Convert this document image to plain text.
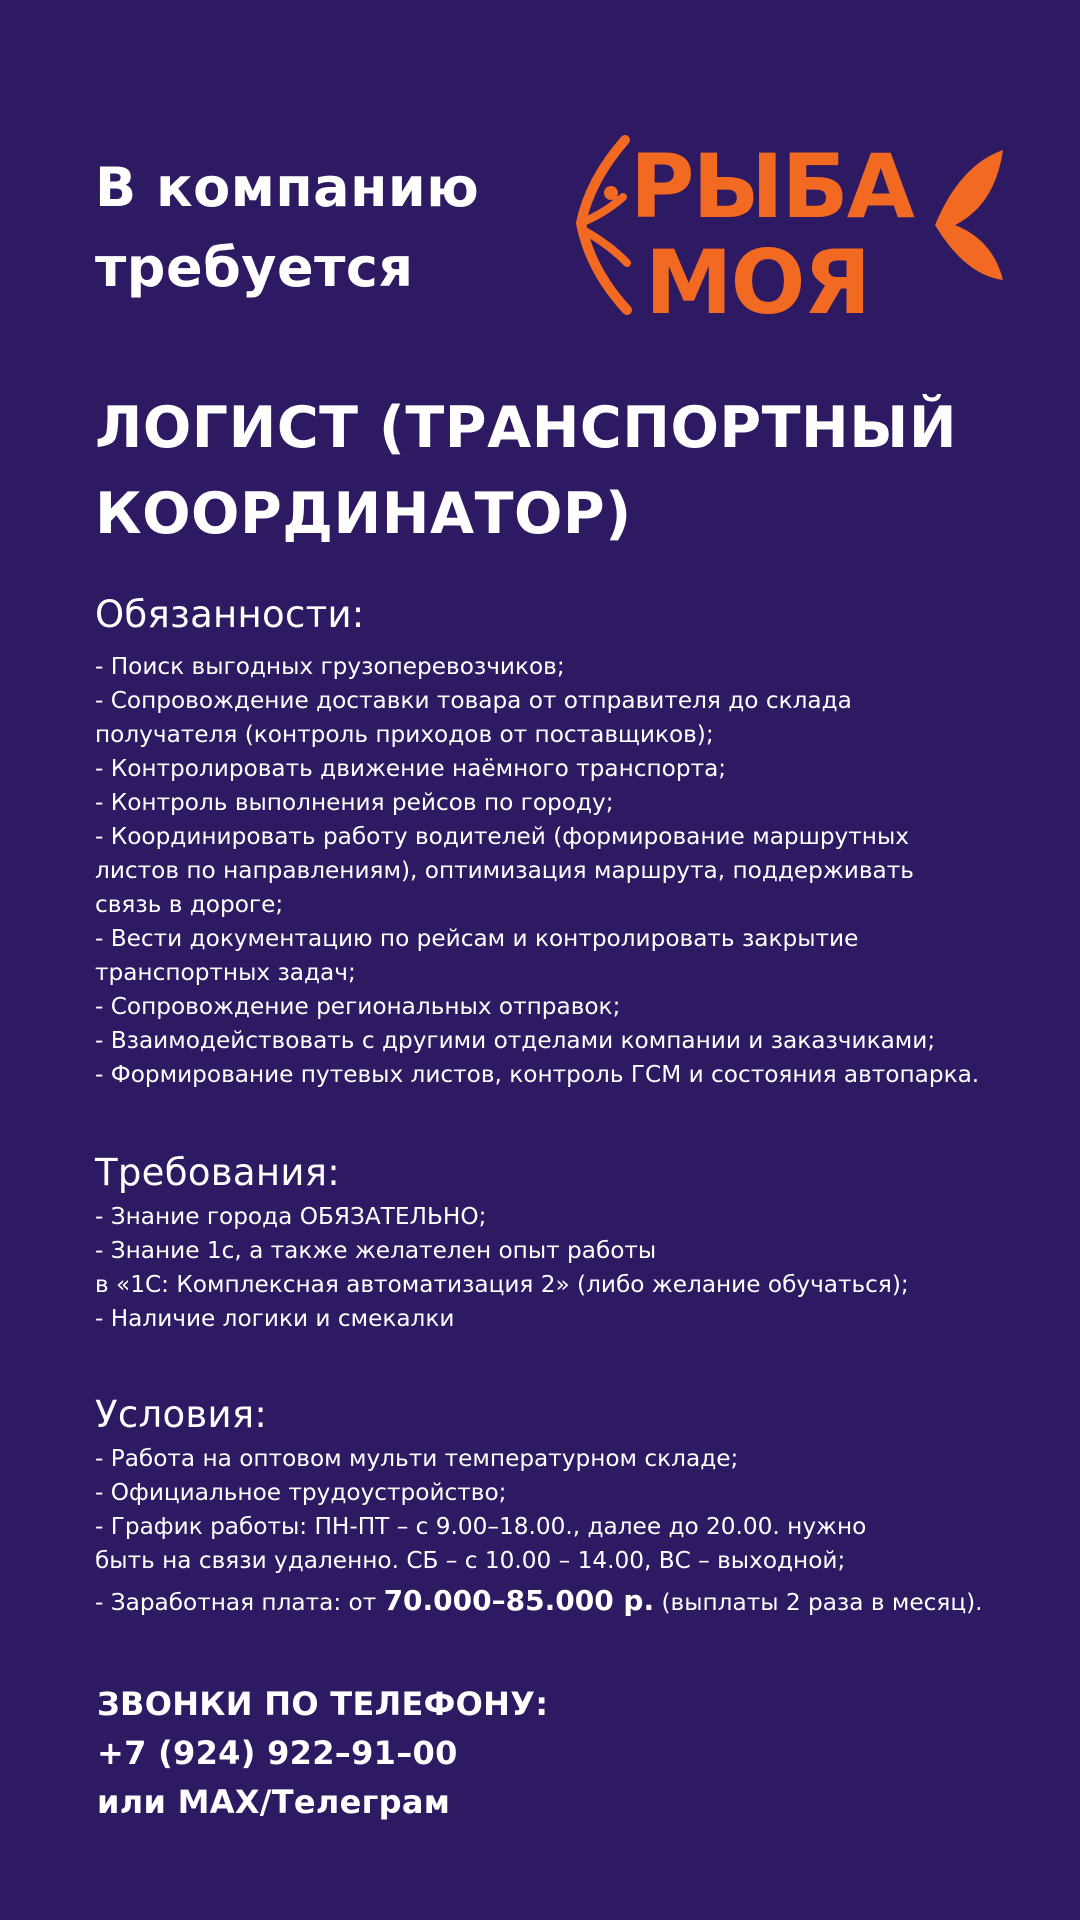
В компанию

требуется

РЫБА
МОЯ
ЛОГИСТ (ТРАНСПОРТНЫЙ
КООРДИНАТОР)
Обязанности:
- Поиск выгодных грузоперевозчиков;
- Сопровождение доставки товара от отправителя до склада
получателя (контроль приходов от поставщиков);
- Контролировать движение наёмного транспорта;
- Контроль выполнения рейсов по городу;
- Координировать работу водителей (формирование маршрутных
листов по направлениям), оптимизация маршрута, поддерживать
связь в дороге;
- Вести документацию по рейсам и контролировать закрытие
транспортных задач;
- Сопровождение региональных отправок;
- Взаимодействовать с другими отделами компании и заказчиками;
- Формирование путевых листов, контроль ГСМ и состояния автопарка.
Требования:
- Знание города ОБЯЗАТЕЛЬНО;
- Знание 1с, а также желателен опыт работы
в «1С: Комплексная автоматизация 2» (либо желание обучаться);
- Наличие логики и смекалки
Условия:
- Работа на оптовом мульти температурном складе;
- Официальное трудоустройство;
- График работы: ПН-ПТ – с 9.00–18.00., далее до 20.00. нужно
быть на связи удаленно. СБ – с 10.00 – 14.00, ВС – выходной;
- Заработная плата: от 70.000–85.000 р. (выплаты 2 раза в месяц).

ЗВОНКИ ПО ТЕЛЕФОНУ:

+7 (924) 922–91–00

или MAX/Телеграм
